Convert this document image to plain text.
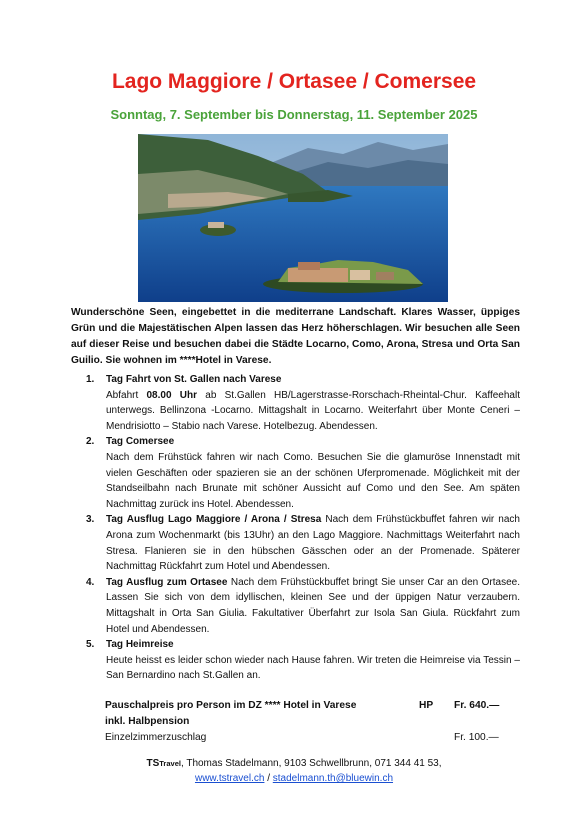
Lago Maggiore / Ortasee / Comersee
Sonntag, 7. September bis Donnerstag, 11. September 2025
Wunderschöne Seen, eingebettet in die mediterrane Landschaft. Klares Wasser, üppiges Grün und die Majestätischen Alpen lassen das Herz höherschlagen. Wir besuchen alle Seen auf dieser Reise und besuchen dabei die Städte Locarno, Como, Arona, Stresa und Orta San Guilio. Sie wohnen im ****Hotel in Varese.
1. Tag Fahrt von St. Gallen nach Varese
Abfahrt 08.00 Uhr ab St.Gallen HB/Lagerstrasse-Rorschach-Rheintal-Chur. Kaffeehalt unterwegs. Bellinzona -Locarno. Mittagshalt in Locarno. Weiterfahrt über Monte Ceneri – Mendrisiotto – Stabio nach Varese. Hotelbezug. Abendessen.
2. Tag Comersee
Nach dem Frühstück fahren wir nach Como. Besuchen Sie die glamuröse Innenstadt mit vielen Geschäften oder spazieren sie an der schönen Uferpromenade. Möglichkeit mit der Standseilbahn nach Brunate mit schöner Aussicht auf Como und den See. Am späten Nachmittag zurück ins Hotel. Abendessen.
3. Tag Ausflug Lago Maggiore / Arona / Stresa Nach dem Frühstückbuffet fahren wir nach Arona zum Wochenmarkt (bis 13Uhr) an den Lago Maggiore. Nachmittags Weiterfahrt nach Stresa. Flanieren sie in den hübschen Gässchen oder an der Promenade. Späterer Nachmittag Rückfahrt zum Hotel und Abendessen.
4. Tag Ausflug zum Ortasee Nach dem Frühstückbuffet bringt Sie unser Car an den Ortasee. Lassen Sie sich von dem idyllischen, kleinen See und der üppigen Natur verzaubern. Mittagshalt in Orta San Giulia. Fakultativer Überfahrt zur Isola San Giula. Rückfahrt zum Hotel und Abendessen.
5. Tag Heimreise
Heute heisst es leider schon wieder nach Hause fahren. Wir treten die Heimreise via Tessin – San Bernardino nach St.Gallen an.
Pauschalpreis pro Person im DZ **** Hotel in Varese	HP Fr. 640.—
inkl. Halbpension
Einzelzimmerzuschlag	Fr. 100.—
TSTravel, Thomas Stadelmann, 9103 Schwellbrunn, 071 344 41 53,
www.tstravel.ch / stadelmann.th@bluewin.ch
